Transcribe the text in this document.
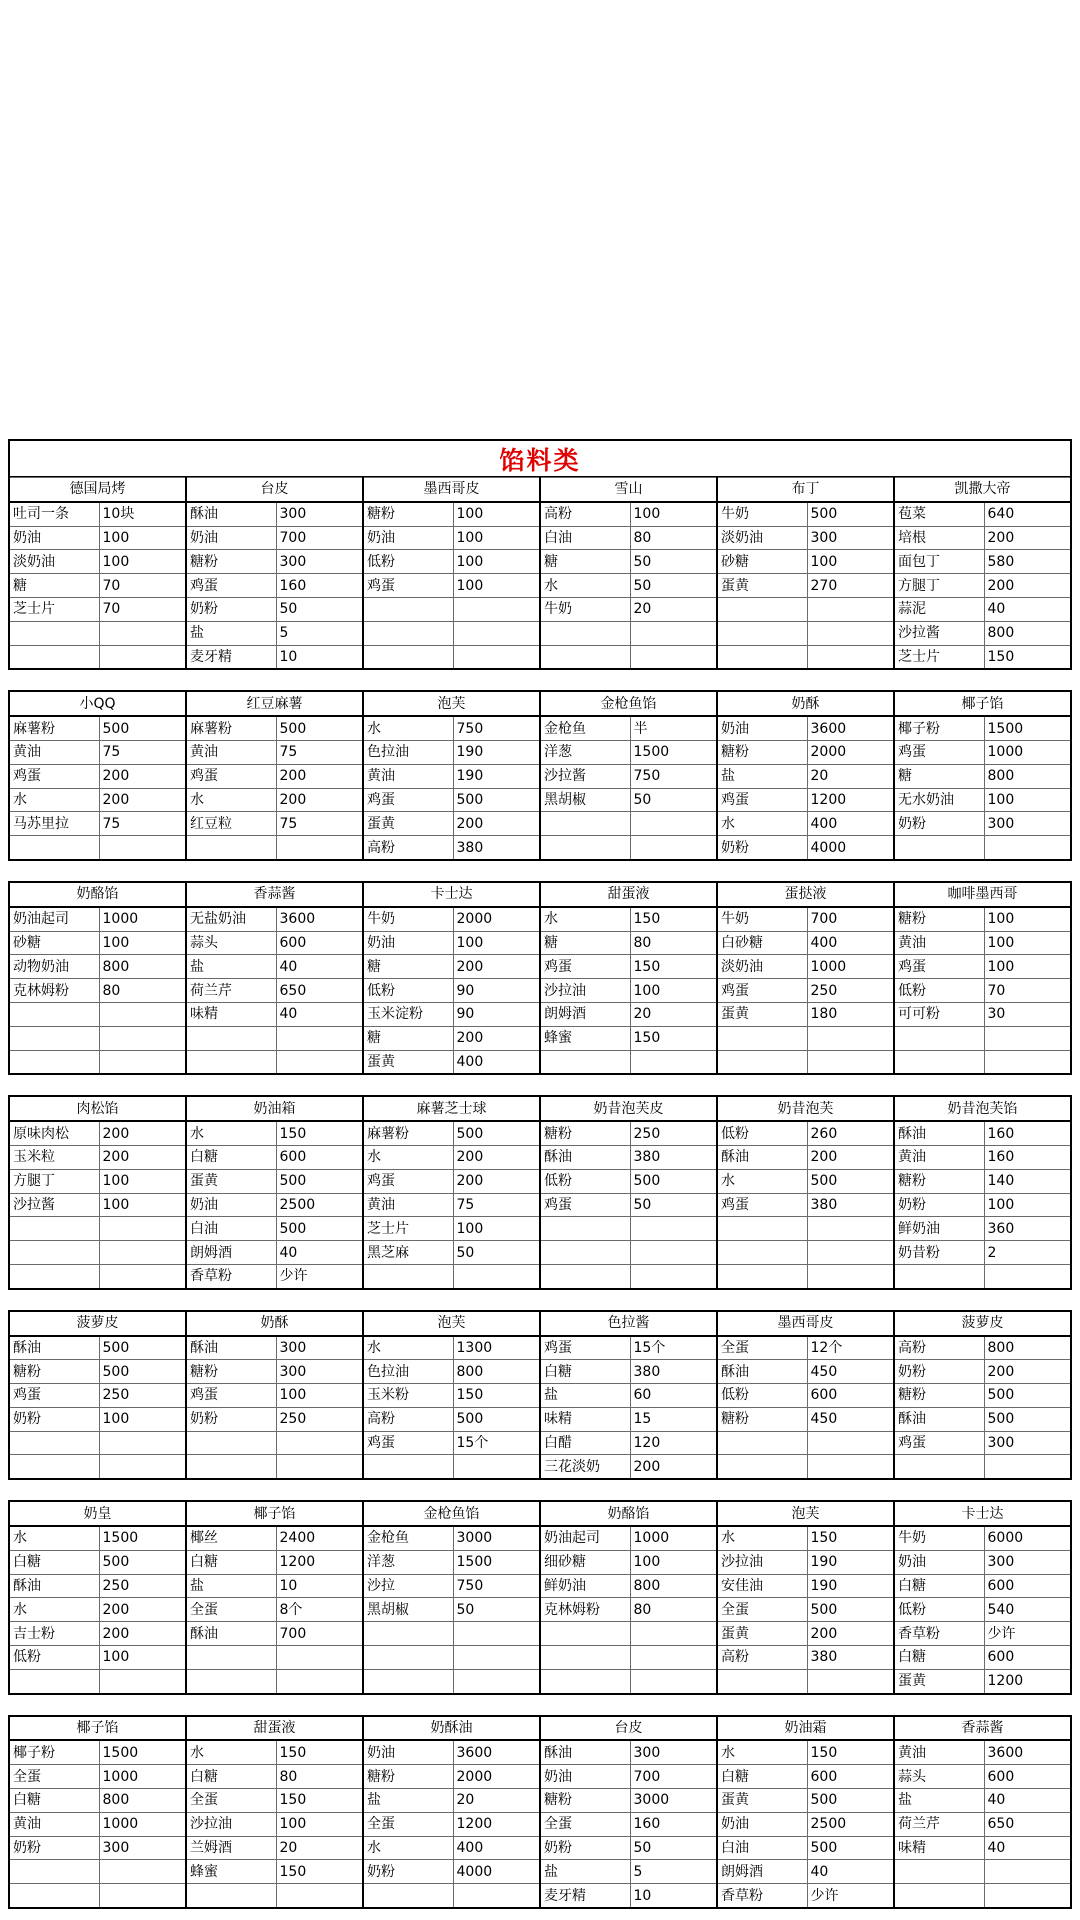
馅料类
德国局烤		台皮		墨西哥皮		雪山		布丁		凯撒大帝	
吐司一条	10块	酥油	300	糖粉	100	高粉	100	牛奶	500	苞菜	640
奶油	100	奶油	700	奶油	100	白油	80	淡奶油	300	培根	200
淡奶油	100	糖粉	300	低粉	100	糖	50	砂糖	100	面包丁	580
糖	70	鸡蛋	160	鸡蛋	100	水	50	蛋黄	270	方腿丁	200
芝士片	70	奶粉	50			牛奶	20			蒜泥	40
		盐	5							沙拉酱	800
		麦牙精	10							芝士片	150
小QQ		红豆麻薯		泡芙		金枪鱼馅		奶酥		椰子馅	
麻薯粉	500	麻薯粉	500	水	750	金枪鱼	半	奶油	3600	椰子粉	1500
黄油	75	黄油	75	色拉油	190	洋葱	1500	糖粉	2000	鸡蛋	1000
鸡蛋	200	鸡蛋	200	黄油	190	沙拉酱	750	盐	20	糖	800
水	200	水	200	鸡蛋	500	黑胡椒	50	鸡蛋	1200	无水奶油	100
马苏里拉	75	红豆粒	75	蛋黄	200			水	400	奶粉	300
				高粉	380			奶粉	4000		
奶酪馅		香蒜酱		卡士达		甜蛋液		蛋挞液		咖啡墨西哥	
奶油起司	1000	无盐奶油	3600	牛奶	2000	水	150	牛奶	700	糖粉	100
砂糖	100	蒜头	600	奶油	100	糖	80	白砂糖	400	黄油	100
动物奶油	800	盐	40	糖	200	鸡蛋	150	淡奶油	1000	鸡蛋	100
克林姆粉	80	荷兰芹	650	低粉	90	沙拉油	100	鸡蛋	250	低粉	70
		味精	40	玉米淀粉	90	朗姆酒	20	蛋黄	180	可可粉	30
				糖	200	蜂蜜	150				
				蛋黄	400						
肉松馅		奶油箱		麻薯芝士球		奶昔泡芙皮		奶昔泡芙		奶昔泡芙馅	
原味肉松	200	水	150	麻薯粉	500	糖粉	250	低粉	260	酥油	160
玉米粒	200	白糖	600	水	200	酥油	380	酥油	200	黄油	160
方腿丁	100	蛋黄	500	鸡蛋	200	低粉	500	水	500	糖粉	140
沙拉酱	100	奶油	2500	黄油	75	鸡蛋	50	鸡蛋	380	奶粉	100
		白油	500	芝士片	100					鲜奶油	360
		朗姆酒	40	黑芝麻	50					奶昔粉	2
		香草粉	少许								
菠萝皮		奶酥		泡芙		色拉酱		墨西哥皮		菠萝皮	
酥油	500	酥油	300	水	1300	鸡蛋	15个	全蛋	12个	高粉	800
糖粉	500	糖粉	300	色拉油	800	白糖	380	酥油	450	奶粉	200
鸡蛋	250	鸡蛋	100	玉米粉	150	盐	60	低粉	600	糖粉	500
奶粉	100	奶粉	250	高粉	500	味精	15	糖粉	450	酥油	500
				鸡蛋	15个	白醋	120			鸡蛋	300
						三花淡奶	200				
奶皇		椰子馅		金枪鱼馅		奶酪馅		泡芙		卡士达	
水	1500	椰丝	2400	金枪鱼	3000	奶油起司	1000	水	150	牛奶	6000
白糖	500	白糖	1200	洋葱	1500	细砂糖	100	沙拉油	190	奶油	300
酥油	250	盐	10	沙拉	750	鲜奶油	800	安佳油	190	白糖	600
水	200	全蛋	8个	黑胡椒	50	克林姆粉	80	全蛋	500	低粉	540
吉士粉	200	酥油	700					蛋黄	200	香草粉	少许
低粉	100							高粉	380	白糖	600
										蛋黄	1200
椰子馅		甜蛋液		奶酥油		台皮		奶油霜		香蒜酱	
椰子粉	1500	水	150	奶油	3600	酥油	300	水	150	黄油	3600
全蛋	1000	白糖	80	糖粉	2000	奶油	700	白糖	600	蒜头	600
白糖	800	全蛋	150	盐	20	糖粉	3000	蛋黄	500	盐	40
黄油	1000	沙拉油	100	全蛋	1200	全蛋	160	奶油	2500	荷兰芹	650
奶粉	300	兰姆酒	20	水	400	奶粉	50	白油	500	味精	40
		蜂蜜	150	奶粉	4000	盐	5	朗姆酒	40		
						麦牙精	10	香草粉	少许		
